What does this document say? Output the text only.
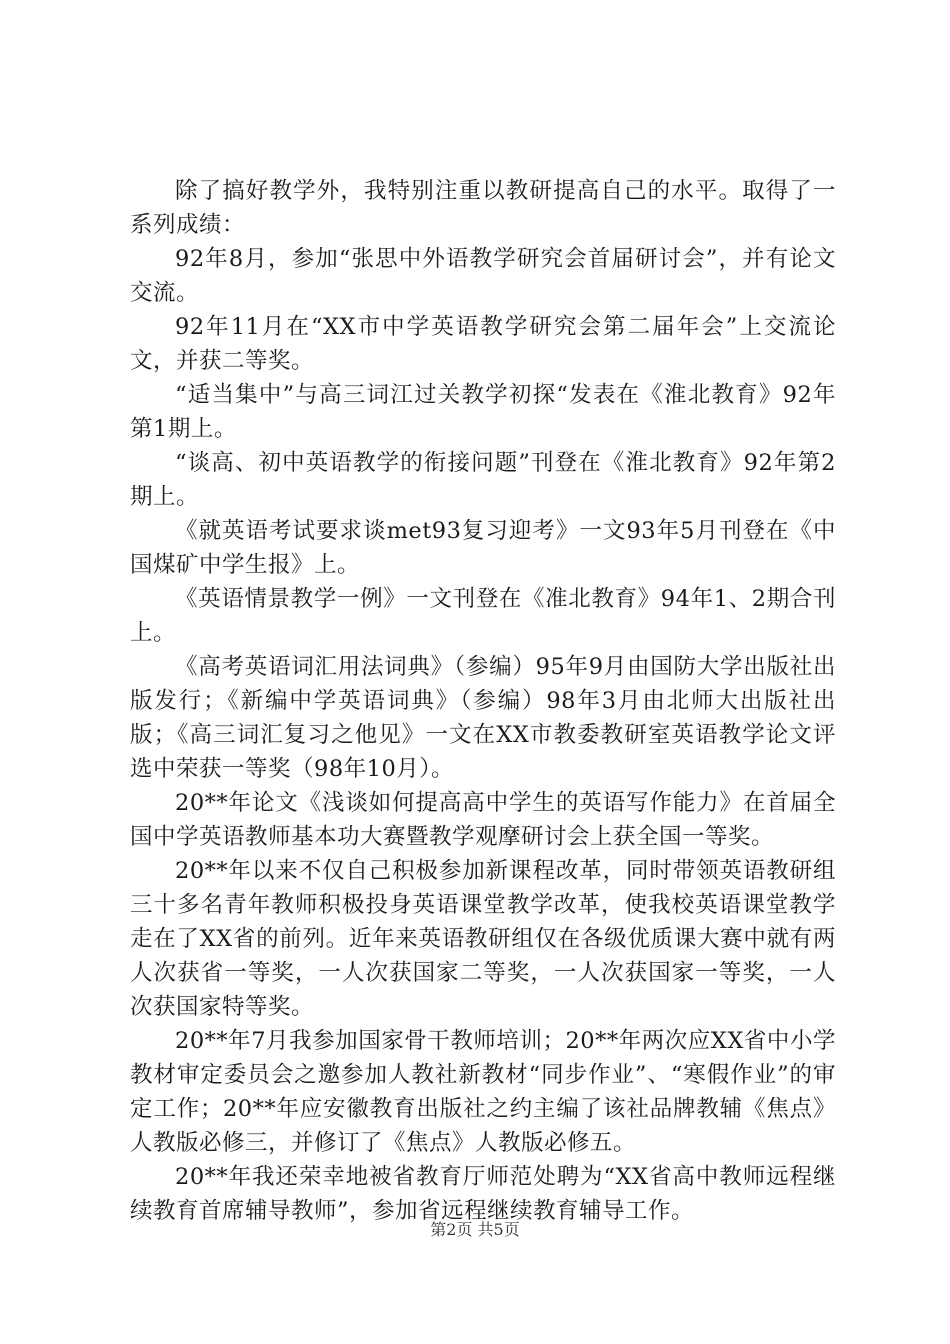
除了搞好教学外，我特别注重以教研提高自己的水平。取得了一系列成绩：

92年8月，参加“张思中外语教学研究会首届研讨会”，并有论文交流。

92年11月在“XX市中学英语教学研究会第二届年会”上交流论文，并获二等奖。

“适当集中”与高三词江过关教学初探“发表在《淮北教育》92年第1期上。

“谈高、初中英语教学的衔接问题”刊登在《淮北教育》92年第2期上。

《就英语考试要求谈met93复习迎考》一文93年5月刊登在《中国煤矿中学生报》上。

《英语情景教学一例》一文刊登在《准北教育》94年1、2期合刊上。

《高考英语词汇用法词典》（参编）95年9月由国防大学出版社出版发行；《新编中学英语词典》（参编）98年3月由北师大出版社出版；《高三词汇复习之他见》一文在XX市教委教研室英语教学论文评选中荣获一等奖（98年10月）。

20**年论文《浅谈如何提高高中学生的英语写作能力》在首届全国中学英语教师基本功大赛暨教学观摩研讨会上获全国一等奖。

20**年以来不仅自己积极参加新课程改革，同时带领英语教研组三十多名青年教师积极投身英语课堂教学改革，使我校英语课堂教学走在了XX省的前列。近年来英语教研组仅在各级优质课大赛中就有两人次获省一等奖，一人次获国家二等奖，一人次获国家一等奖，一人次获国家特等奖。

20**年7月我参加国家骨干教师培训；20**年两次应XX省中小学教材审定委员会之邀参加人教社新教材“同步作业”、“寒假作业”的审定工作；20**年应安徽教育出版社之约主编了该社品牌教辅《焦点》人教版必修三，并修订了《焦点》人教版必修五。

20**年我还荣幸地被省教育厅师范处聘为“XX省高中教师远程继续教育首席辅导教师”，参加省远程继续教育辅导工作。

第2页 共5页
